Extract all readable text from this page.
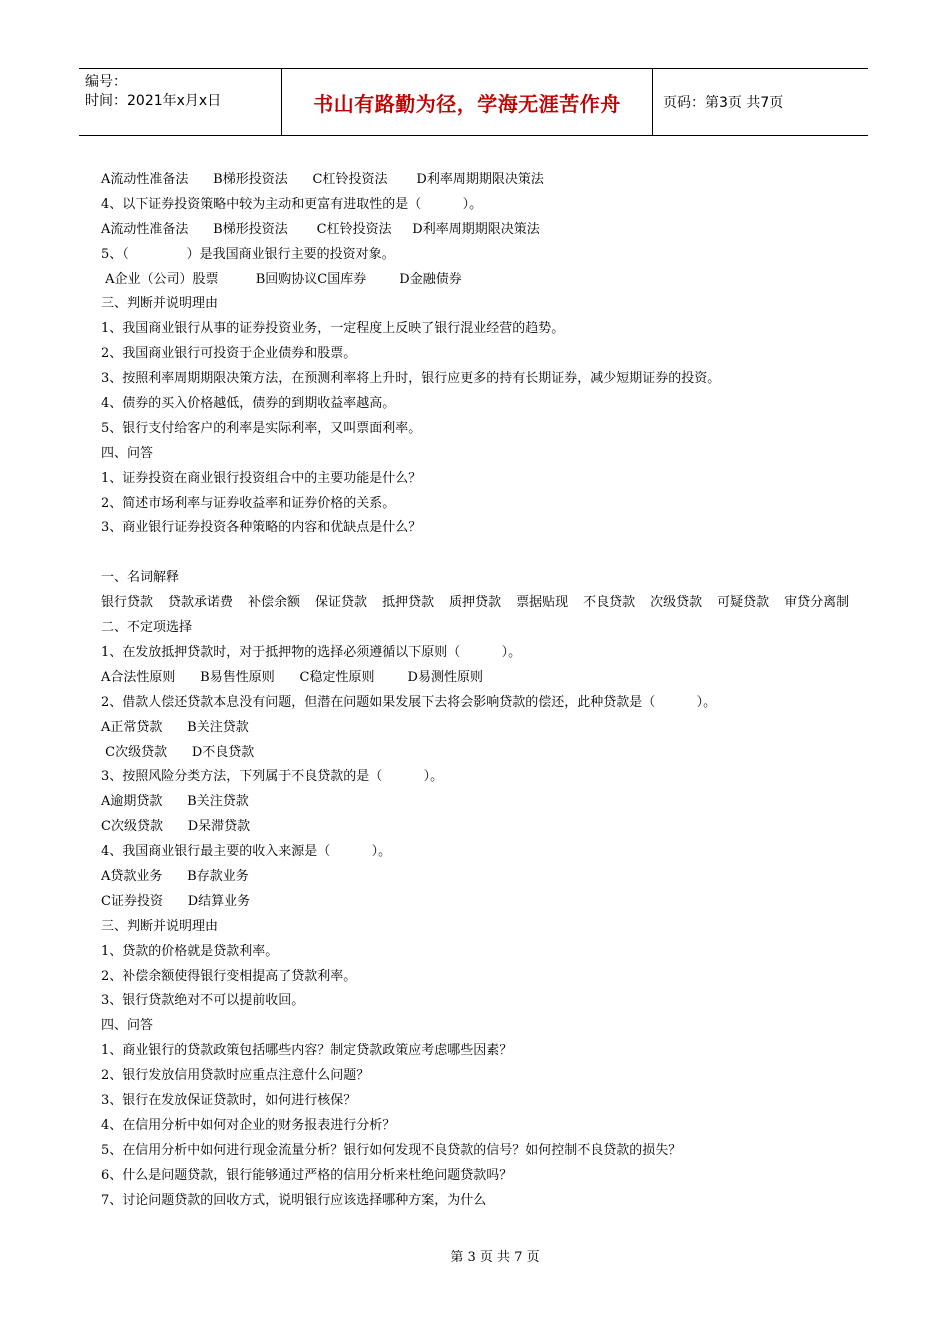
编号：
时间：2021年x月x日	书山有路勤为径，学海无涯苦作舟	页码：第3页 共7页
A流动性准备法      B梯形投资法      C杠铃投资法       D利率周期期限决策法
4、以下证券投资策略中较为主动和更富有进取性的是（          ）。
A流动性准备法      B梯形投资法       C杠铃投资法     D利率周期期限决策法
5、（              ）是我国商业银行主要的投资对象。
A企业（公司）股票         B回购协议C国库券        D金融债券
三、判断并说明理由
1、我国商业银行从事的证券投资业务，一定程度上反映了银行混业经营的趋势。
2、我国商业银行可投资于企业债券和股票。
3、按照利率周期期限决策方法，在预测利率将上升时，银行应更多的持有长期证券，减少短期证券的投资。
4、债券的买入价格越低，债券的到期收益率越高。
5、银行支付给客户的利率是实际利率，又叫票面利率。
四、问答
1、证券投资在商业银行投资组合中的主要功能是什么？
2、简述市场利率与证券收益率和证券价格的关系。
3、商业银行证券投资各种策略的内容和优缺点是什么？
一、名词解释
银行贷款 贷款承诺费 补偿余额 保证贷款 抵押贷款 质押贷款 票据贴现 不良贷款 次级贷款 可疑贷款 审贷分离制
二、不定项选择
1、在发放抵押贷款时，对于抵押物的选择必须遵循以下原则（          ）。
A合法性原则      B易售性原则      C稳定性原则        D易测性原则
2、借款人偿还贷款本息没有问题，但潜在问题如果发展下去将会影响贷款的偿还，此种贷款是（          ）。
A正常贷款      B关注贷款
C次级贷款      D不良贷款
3、按照风险分类方法，下列属于不良贷款的是（          ）。
A逾期贷款      B关注贷款
C次级贷款      D呆滞贷款
4、我国商业银行最主要的收入来源是（          ）。
A贷款业务      B存款业务
C证券投资      D结算业务
三、判断并说明理由
1、贷款的价格就是贷款利率。
2、补偿余额使得银行变相提高了贷款利率。
3、银行贷款绝对不可以提前收回。
四、问答
1、商业银行的贷款政策包括哪些内容？制定贷款政策应考虑哪些因素？
2、银行发放信用贷款时应重点注意什么问题？
3、银行在发放保证贷款时，如何进行核保？
4、在信用分析中如何对企业的财务报表进行分析？
5、在信用分析中如何进行现金流量分析？银行如何发现不良贷款的信号？如何控制不良贷款的损失？
6、什么是问题贷款，银行能够通过严格的信用分析来杜绝问题贷款吗？
7、讨论问题贷款的回收方式，说明银行应该选择哪种方案，为什么
第 3 页 共 7 页
